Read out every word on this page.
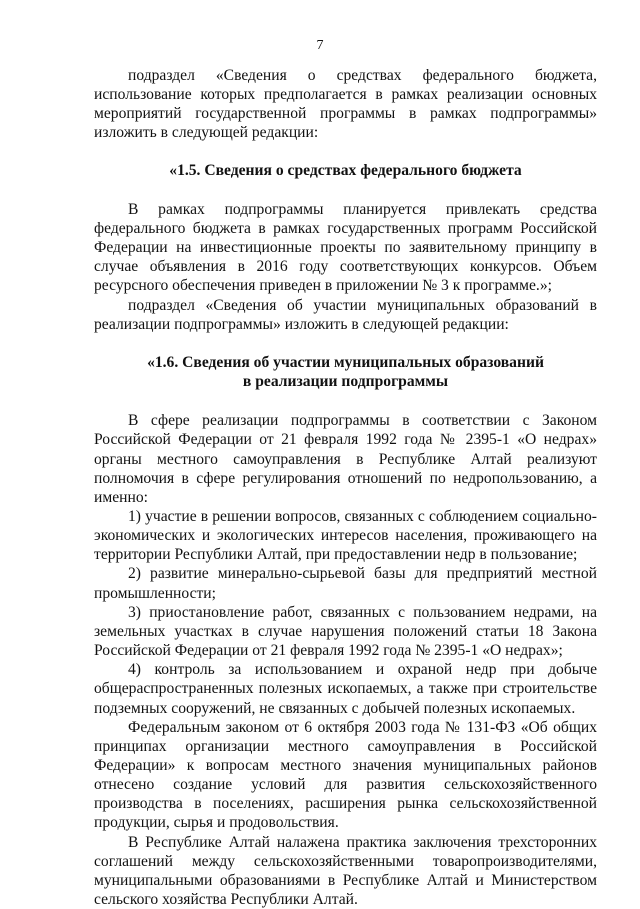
7

подраздел «Сведения о средствах федерального бюджета, использование которых предполагается в рамках реализации основных мероприятий государственной программы в рамках подпрограммы» изложить в следующей редакции:

«1.5. Сведения о средствах федерального бюджета

В рамках подпрограммы планируется привлекать средства федерального бюджета в рамках государственных программ Российской Федерации на инвестиционные проекты по заявительному принципу в случае объявления в 2016 году соответствующих конкурсов. Объем ресурсного обеспечения приведен в приложении № 3 к программе.»;

подраздел «Сведения об участии муниципальных образований в реализации подпрограммы» изложить в следующей редакции:

«1.6. Сведения об участии муниципальных образований
в реализации подпрограммы

В сфере реализации подпрограммы в соответствии с Законом Российской Федерации от 21 февраля 1992 года № 2395-1 «О недрах» органы местного самоуправления в Республике Алтай реализуют полномочия в сфере регулирования отношений по недропользованию, а именно:

1) участие в решении вопросов, связанных с соблюдением социально-экономических и экологических интересов населения, проживающего на территории Республики Алтай, при предоставлении недр в пользование;

2) развитие минерально-сырьевой базы для предприятий местной промышленности;

3) приостановление работ, связанных с пользованием недрами, на земельных участках в случае нарушения положений статьи 18 Закона Российской Федерации от 21 февраля 1992 года № 2395-1 «О недрах»;

4) контроль за использованием и охраной недр при добыче общераспространенных полезных ископаемых, а также при строительстве подземных сооружений, не связанных с добычей полезных ископаемых.

Федеральным законом от 6 октября 2003 года № 131-ФЗ «Об общих принципах организации местного самоуправления в Российской Федерации» к вопросам местного значения муниципальных районов отнесено создание условий для развития сельскохозяйственного производства в поселениях, расширения рынка сельскохозяйственной продукции, сырья и продовольствия.

В Республике Алтай налажена практика заключения трехсторонних соглашений между сельскохозяйственными товаропроизводителями, муниципальными образованиями в Республике Алтай и Министерством сельского хозяйства Республики Алтай.
